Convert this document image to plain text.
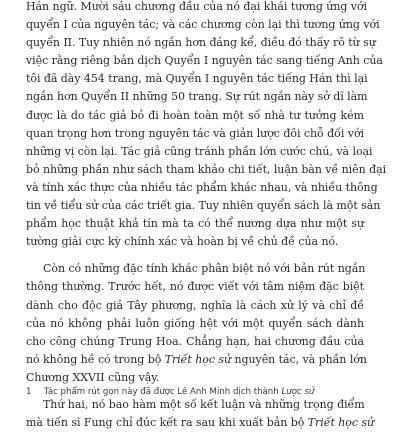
Hán ngữ. Mười sáu chương đầu của nó đại khái tương ứng với
quyển I của nguyên tác; và các chương còn lại thì tương ứng với
quyển II. Tuy nhiên nó ngắn hơn đáng kể, điều đó thấy rõ từ sự
việc rằng riêng bản dịch Quyển I nguyên tác sang tiếng Anh của
tôi đã dày 454 trang, mà Quyển I nguyên tác tiếng Hán thì lại
ngắn hơn Quyển II những 50 trang. Sự rút ngắn này sở dĩ làm
được là do tác giả bỏ đi hoàn toàn một số nhà tư tưởng kém
quan trọng hơn trong nguyên tác và giản lược đôi chỗ đối với
những vị còn lại. Tác giả cũng tránh phần lớn cước chú, và loại
bỏ những phần như sách tham khảo chi tiết, luận bàn về niên đại
và tính xác thực của nhiều tác phẩm khác nhau, và nhiều thông
tin về tiểu sử của các triết gia. Tuy nhiên quyển sách là một sản
phẩm học thuật khả tín mà ta có thể nương dựa như một sự
tường giải cực kỳ chính xác và hoàn bị về chủ đề của nó.
Còn có những đặc tính khác phân biệt nó với bản rút ngắn
thông thường. Trước hết, nó được viết với tâm niệm đặc biệt
dành cho độc giả Tây phương, nghĩa là cách xử lý và chỉ đề
của nó không phải luôn giống hệt với một quyển sách dành
cho công chúng Trung Hoa. Chẳng hạn, hai chương đầu của
nó không hề có trong bộ Triết học sử nguyên tác, và phần lớn
Chương XXVII cũng vậy.
Thứ hai, nó bao hàm một số kết luận và những trọng điểm
mà tiến sĩ Fung chỉ đúc kết ra sau khi xuất bản bộ Triết học sử
1 Tác phẩm rút gọn này đã được Lê Anh Minh dịch thành Lược sử
